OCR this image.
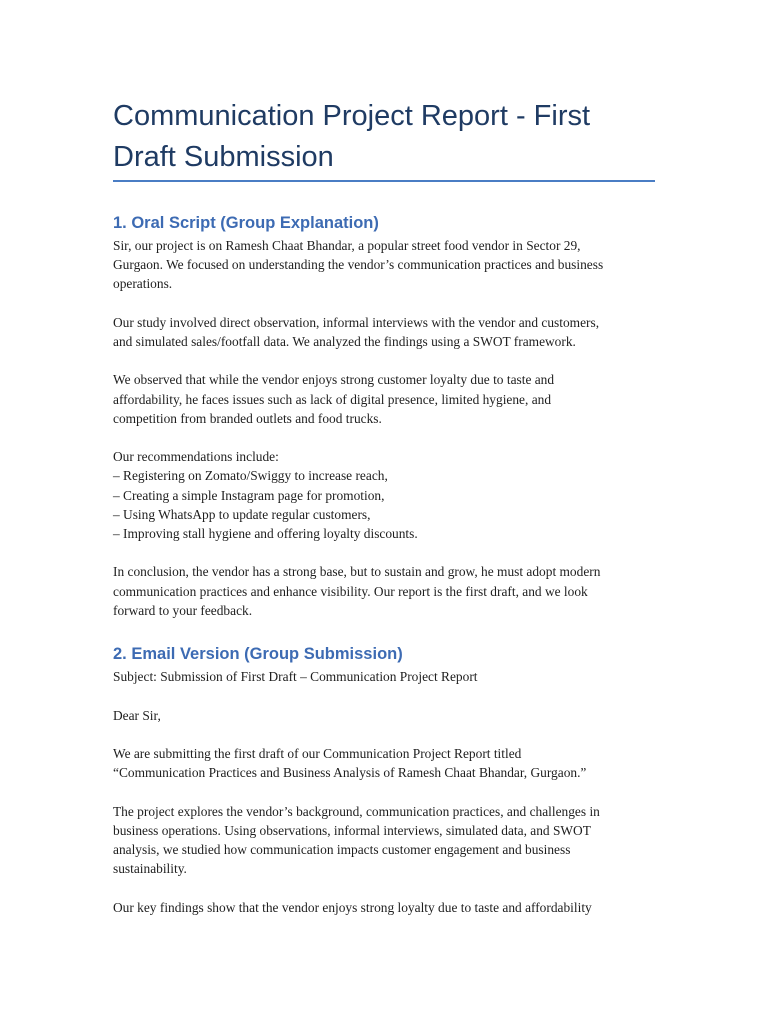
Communication Project Report - First
Draft Submission
1. Oral Script (Group Explanation)

Sir, our project is on Ramesh Chaat Bhandar, a popular street food vendor in Sector 29,
Gurgaon. We focused on understanding the vendor’s communication practices and business
operations.

Our study involved direct observation, informal interviews with the vendor and customers,
and simulated sales/footfall data. We analyzed the findings using a SWOT framework.

We observed that while the vendor enjoys strong customer loyalty due to taste and
affordability, he faces issues such as lack of digital presence, limited hygiene, and
competition from branded outlets and food trucks.

Our recommendations include:
– Registering on Zomato/Swiggy to increase reach,
– Creating a simple Instagram page for promotion,
– Using WhatsApp to update regular customers,
– Improving stall hygiene and offering loyalty discounts.

In conclusion, the vendor has a strong base, but to sustain and grow, he must adopt modern
communication practices and enhance visibility. Our report is the first draft, and we look
forward to your feedback.

2. Email Version (Group Submission)

Subject: Submission of First Draft – Communication Project Report

Dear Sir,

We are submitting the first draft of our Communication Project Report titled
“Communication Practices and Business Analysis of Ramesh Chaat Bhandar, Gurgaon.”

The project explores the vendor’s background, communication practices, and challenges in
business operations. Using observations, informal interviews, simulated data, and SWOT
analysis, we studied how communication impacts customer engagement and business
sustainability.

Our key findings show that the vendor enjoys strong loyalty due to taste and affordability
